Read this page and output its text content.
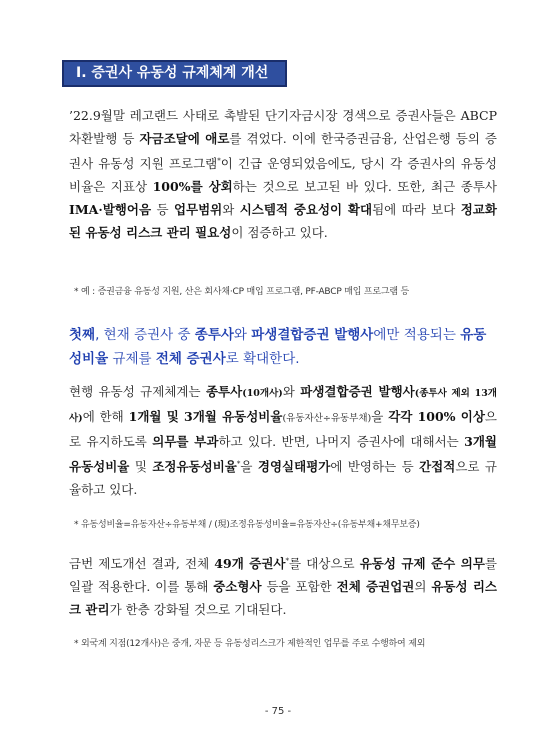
Ⅰ. 증권사 유동성 규제체계 개선
’22.9월말 레고랜드 사태로 촉발된 단기자금시장 경색으로 증권사들은 ABCP 차환발행 등 자금조달에 애로를 겪었다. 이에 한국증권금융, 산업은행 등의 증권사 유동성 지원 프로그램*이 긴급 운영되었음에도, 당시 각 증권사의 유동성비율은 지표상 100%를 상회하는 것으로 보고된 바 있다. 또한, 최근 종투사 IMA·발행어음 등 업무범위와 시스템적 중요성이 확대됨에 따라 보다 정교화된 유동성 리스크 관리 필요성이 점증하고 있다.
* 예 : 증권금융 유동성 지원, 산은 회사채·CP 매입 프로그램, PF-ABCP 매입 프로그램 등
첫째, 현재 증권사 중 종투사와 파생결합증권 발행사에만 적용되는 유동성비율 규제를 전체 증권사로 확대한다.
현행 유동성 규제체계는 종투사(10개사)와 파생결합증권 발행사(종투사 제외 13개사)에 한해 1개월 및 3개월 유동성비율(유동자산÷유동부채)을 각각 100% 이상으로 유지하도록 의무를 부과하고 있다. 반면, 나머지 증권사에 대해서는 3개월 유동성비율 및 조정유동성비율*을 경영실태평가에 반영하는 등 간접적으로 규율하고 있다.
* 유동성비율=유동자산÷유동부채 / (現)조정유동성비율=유동자산÷(유동부채+채무보증)
금번 제도개선 결과, 전체 49개 증권사*를 대상으로 유동성 규제 준수 의무를 일괄 적용한다. 이를 통해 중소형사 등을 포함한 전체 증권업권의 유동성 리스크 관리가 한층 강화될 것으로 기대된다.
* 외국계 지점(12개사)은 중개, 자문 등 유동성리스크가 제한적인 업무를 주로 수행하여 제외
- 75 -
